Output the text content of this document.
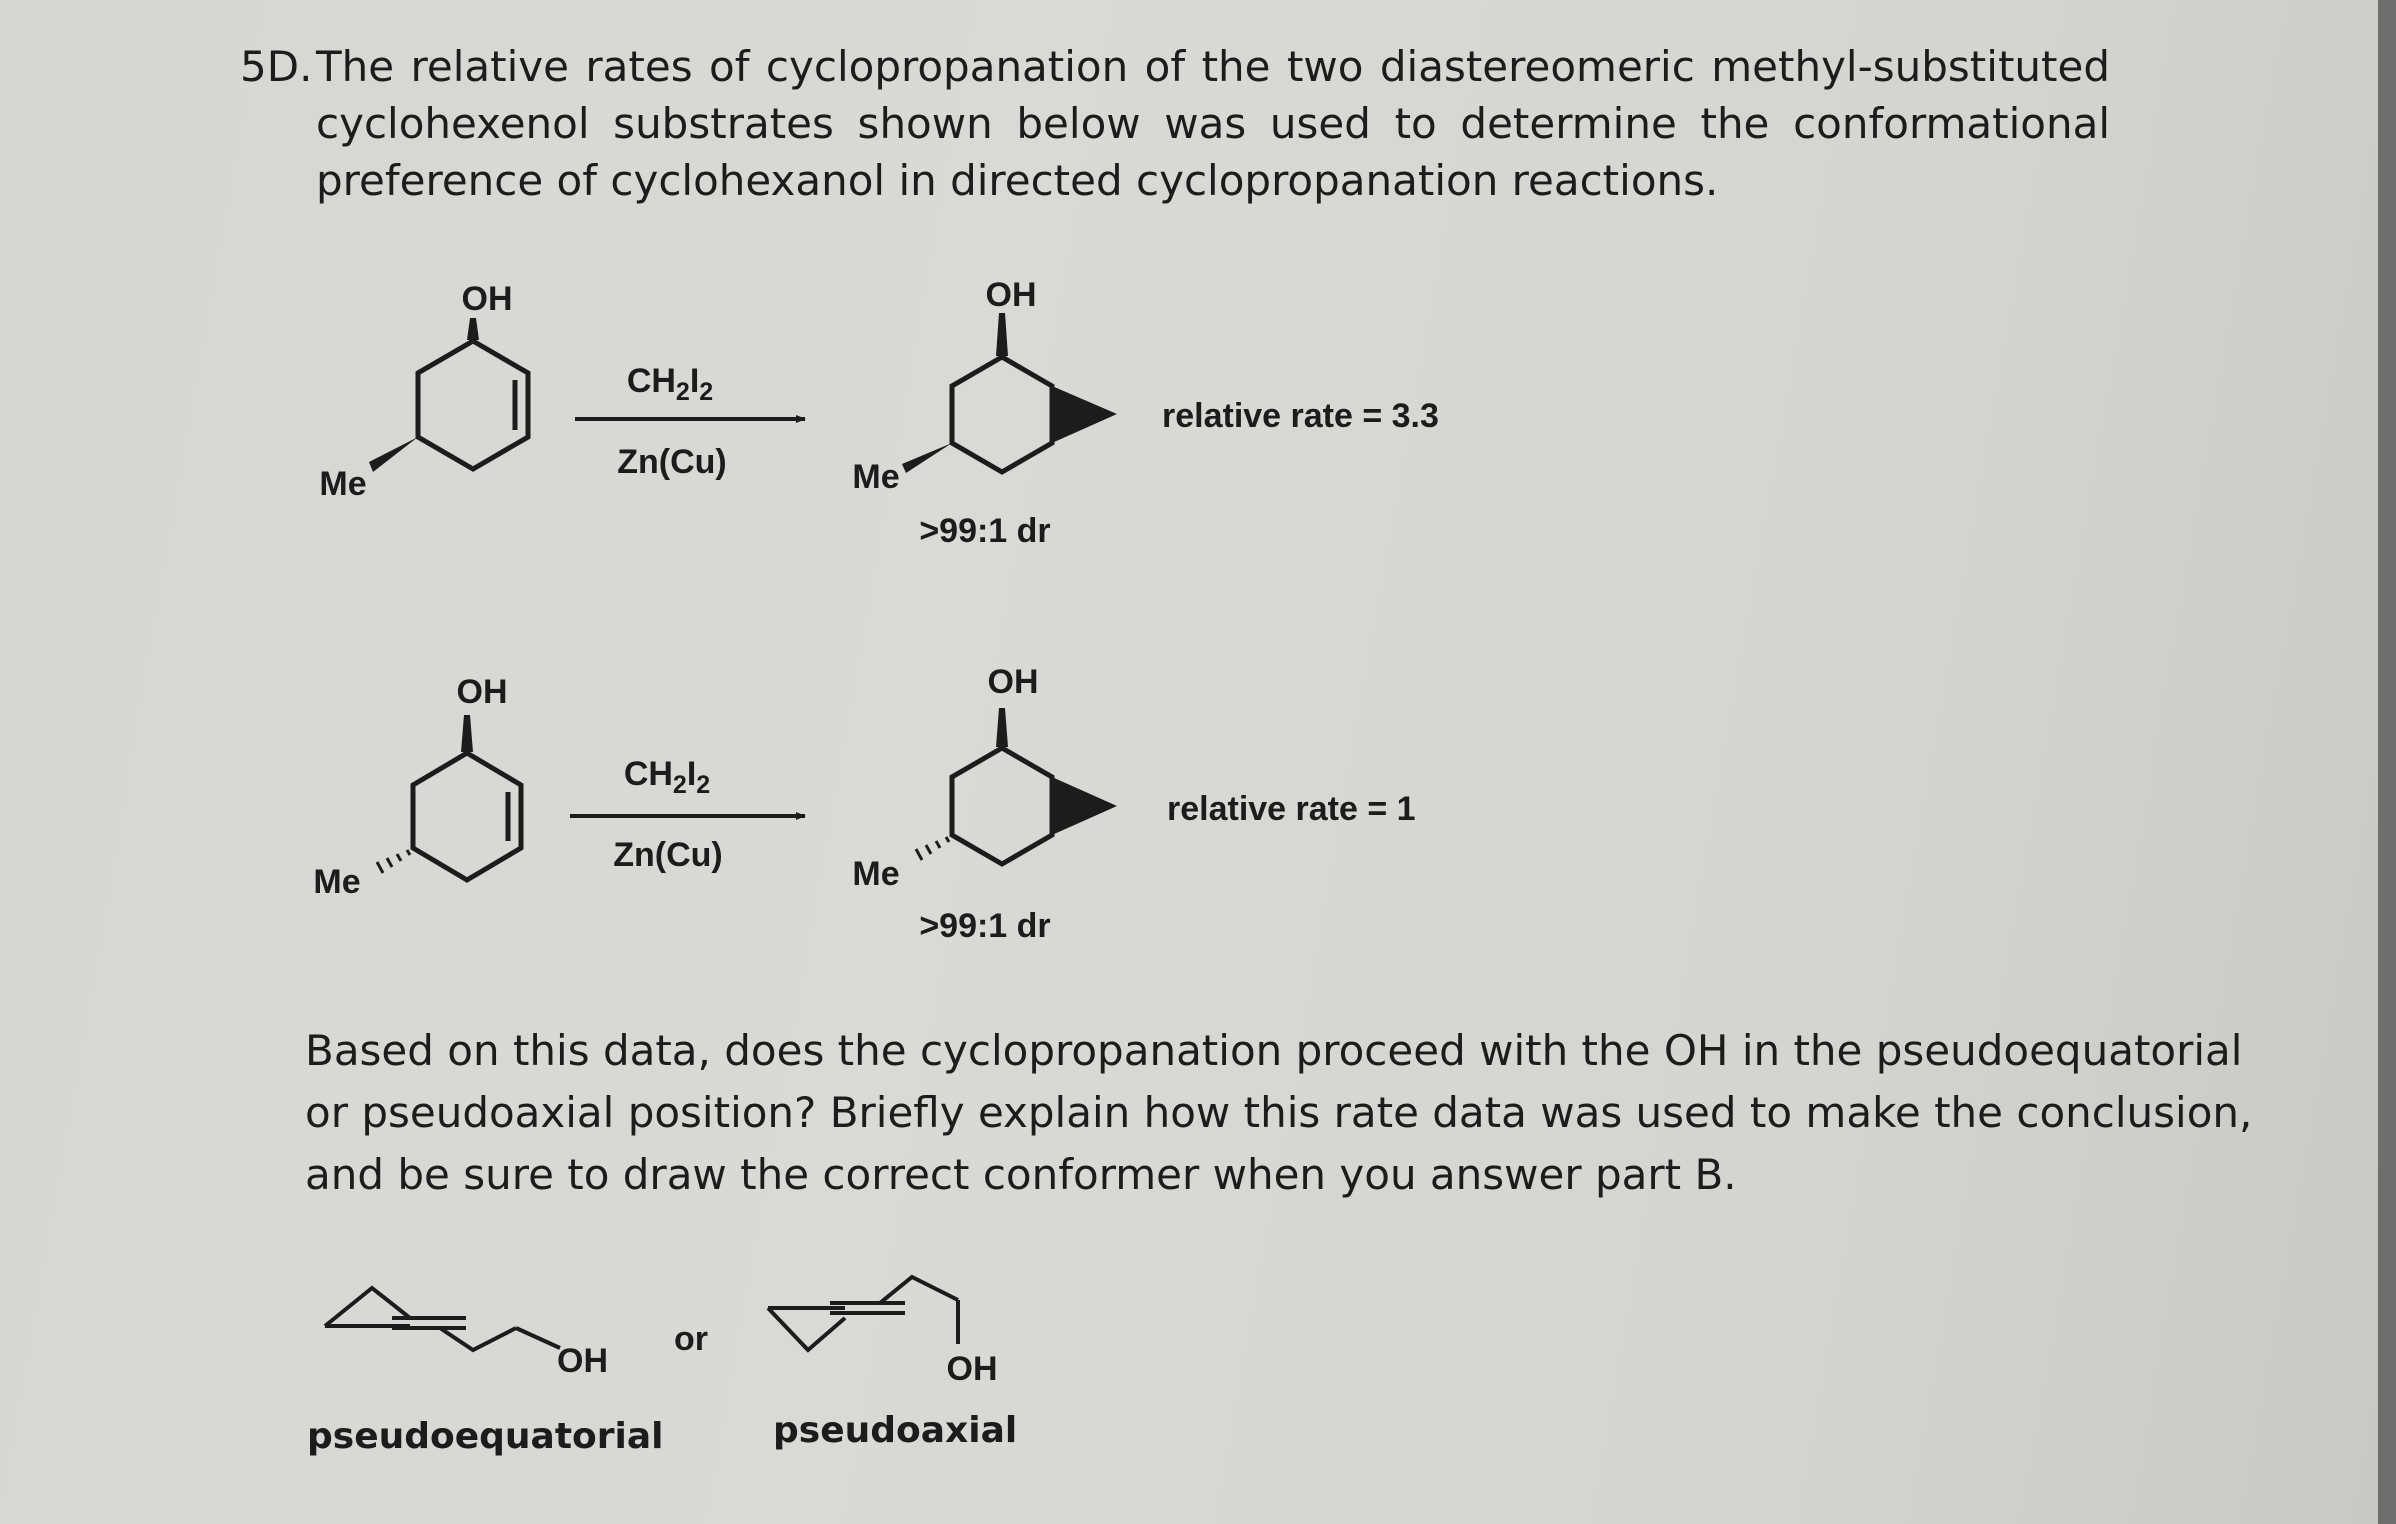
5D. The relative rates of cyclopropanation of the two diastereomeric methyl-substituted
cyclohexenol substrates shown below was used to determine the conformational
preference of cyclohexanol in directed cyclopropanation reactions.
OH
Me
$CH_2I_2$
Zn(Cu)
OH
Me
>99:1 dr
relative rate = 3.3
OH
Me
$CH_2I_2$
Zn(Cu)
OH
Me
>99:1 dr
relative rate = 1
OH
pseudoequatorial
or
OH
pseudoaxial
Based on this data, does the cyclopropanation proceed with the OH in the pseudoequatorial
or pseudoaxial position? Briefly explain how this rate data was used to make the conclusion,
and be sure to draw the correct conformer when you answer part B.
